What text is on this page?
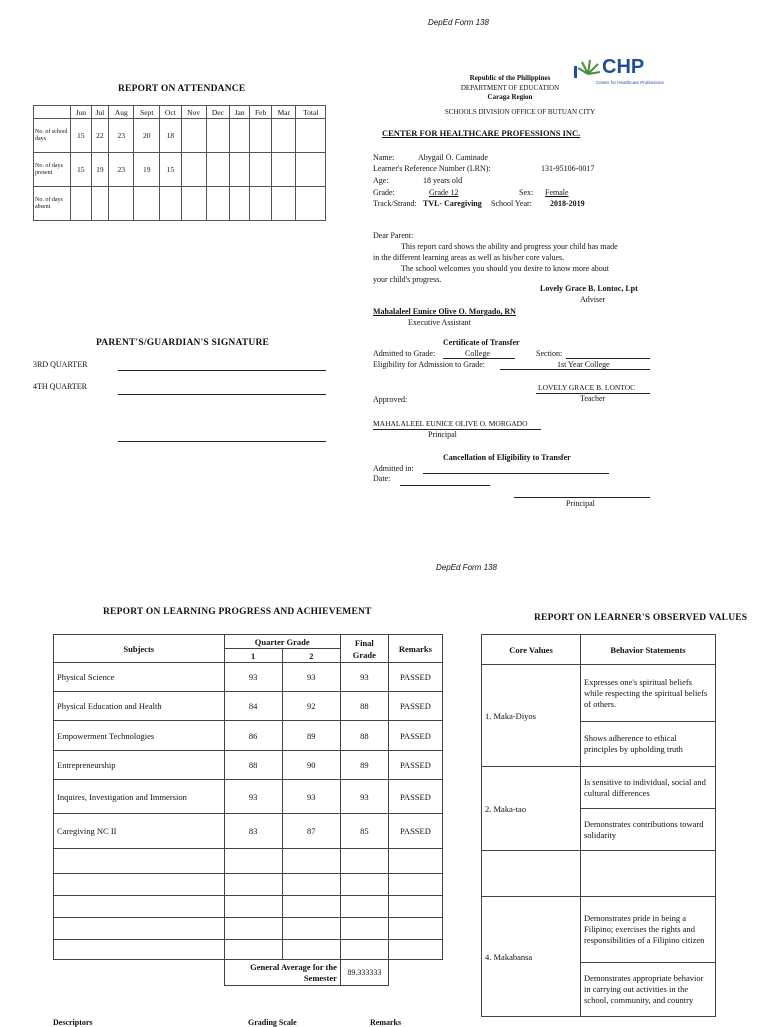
DepEd Form 138
REPORT ON ATTENDANCE
	Jun	Jul	Aug	Sept	Oct	Nov	Dec	Jan	Feb	Mar	Total
No. of school days	15	22	23	20	18						
No. of days present	15	19	23	19	15						
No. of days absent											
PARENT'S/GUARDIAN'S SIGNATURE
3RD QUARTER
4TH QUARTER
Republic of the Philippines
DEPARTMENT OF EDUCATION
Caraga Region
SCHOOLS DIVISION OFFICE OF BUTUAN CITY
CHP
Center for Healthcare Professions
CENTER FOR HEALTHCARE PROFESSIONS INC.
Name:	Abygail O. Caminade
Learner's Reference Number (LRN):	131-95106-0017
Age:	18 years old
Grade:	Grade 12	Sex: Female
Track/Strand: TVL- Caregiving School Year: 2018-2019
Dear Parent:
This report card shows the ability and progress your child has made
in the different learning areas as well as his/her core values.
The school welcomes you should you desire to know more about
your child's progress.
Lovely Grace B. Lontoc, Lpt
Adviser
Mahalaleel Eunice Olive O. Morgado, RN
Executive Assistant
Certificate of Transfer
Admitted to Grade:	College	Section:
Eligibility for Admission to Grade:	1st Year College
LOVELY GRACE B. LONTOC
Teacher
Approved:
MAHALALEEL EUNICE OLIVE O. MORGADO
Principal
Cancellation of Eligibility to Transfer
Admitted in:
Date:
Principal
DepEd Form 138
REPORT ON LEARNING PROGRESS AND ACHIEVEMENT
Subjects	Quarter Grade		Final Grade	Remarks
	1	2		
Physical Science	93	93	93	PASSED
Physical Education and Health	84	92	88	PASSED
Empowerment Technologies	86	89	88	PASSED
Entrepreneurship	88	90	89	PASSED
Inquires, Investigation and Immersion	93	93	93	PASSED
Caregiving NC II	83	87	85	PASSED

	General Average for the Semester		89.333333	
Descriptors	Grading Scale	Remarks
REPORT ON LEARNER'S OBSERVED VALUES
Core Values	Behavior Statements
1. Maka-Diyos	Expresses one's spiritual beliefs while respecting the spiritual beliefs of others.
	Shows adherence to ethical principles by upholding truth
2. Maka-tao	Is sensitive to individual, social and cultural differences
	Demonstrates contributions toward solidarity

4. Makabansa	Demonstrates pride in being a Filipino; exercises the rights and responsibilities of a Filipino citizen
	Demonstrates appropriate behavior in carrying out activities in the school, community, and country
